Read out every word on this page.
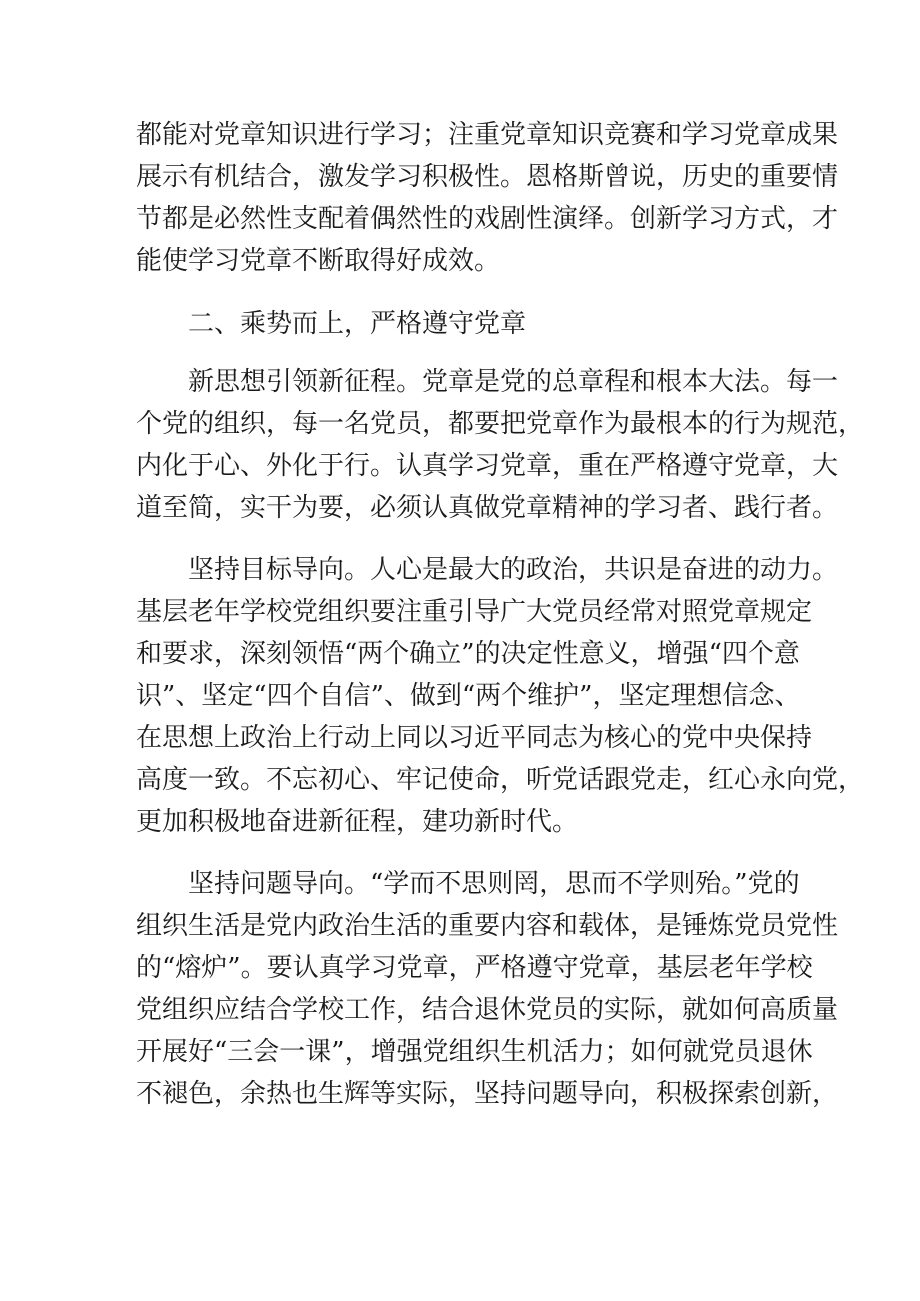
都能对党章知识进行学习；注重党章知识竞赛和学习党章成果
展示有机结合，激发学习积极性。恩格斯曾说，历史的重要情
节都是必然性支配着偶然性的戏剧性演绎。创新学习方式，才
能使学习党章不断取得好成效。
二、乘势而上，严格遵守党章
新思想引领新征程。党章是党的总章程和根本大法。每一
个党的组织，每一名党员，都要把党章作为最根本的行为规范，
内化于心、外化于行。认真学习党章，重在严格遵守党章，大
道至简，实干为要，必须认真做党章精神的学习者、践行者。
坚持目标导向。人心是最大的政治，共识是奋进的动力。
基层老年学校党组织要注重引导广大党员经常对照党章规定
和要求，深刻领悟“两个确立”的决定性意义，增强“四个意
识”、坚定“四个自信”、做到“两个维护”，坚定理想信念、
在思想上政治上行动上同以习近平同志为核心的党中央保持
高度一致。不忘初心、牢记使命，听党话跟党走，红心永向党，
更加积极地奋进新征程，建功新时代。
坚持问题导向。“学而不思则罔，思而不学则殆。”党的
组织生活是党内政治生活的重要内容和载体，是锤炼党员党性
的“熔炉”。要认真学习党章，严格遵守党章，基层老年学校
党组织应结合学校工作，结合退休党员的实际，就如何高质量
开展好“三会一课”，增强党组织生机活力；如何就党员退休
不褪色，余热也生辉等实际，坚持问题导向，积极探索创新，
